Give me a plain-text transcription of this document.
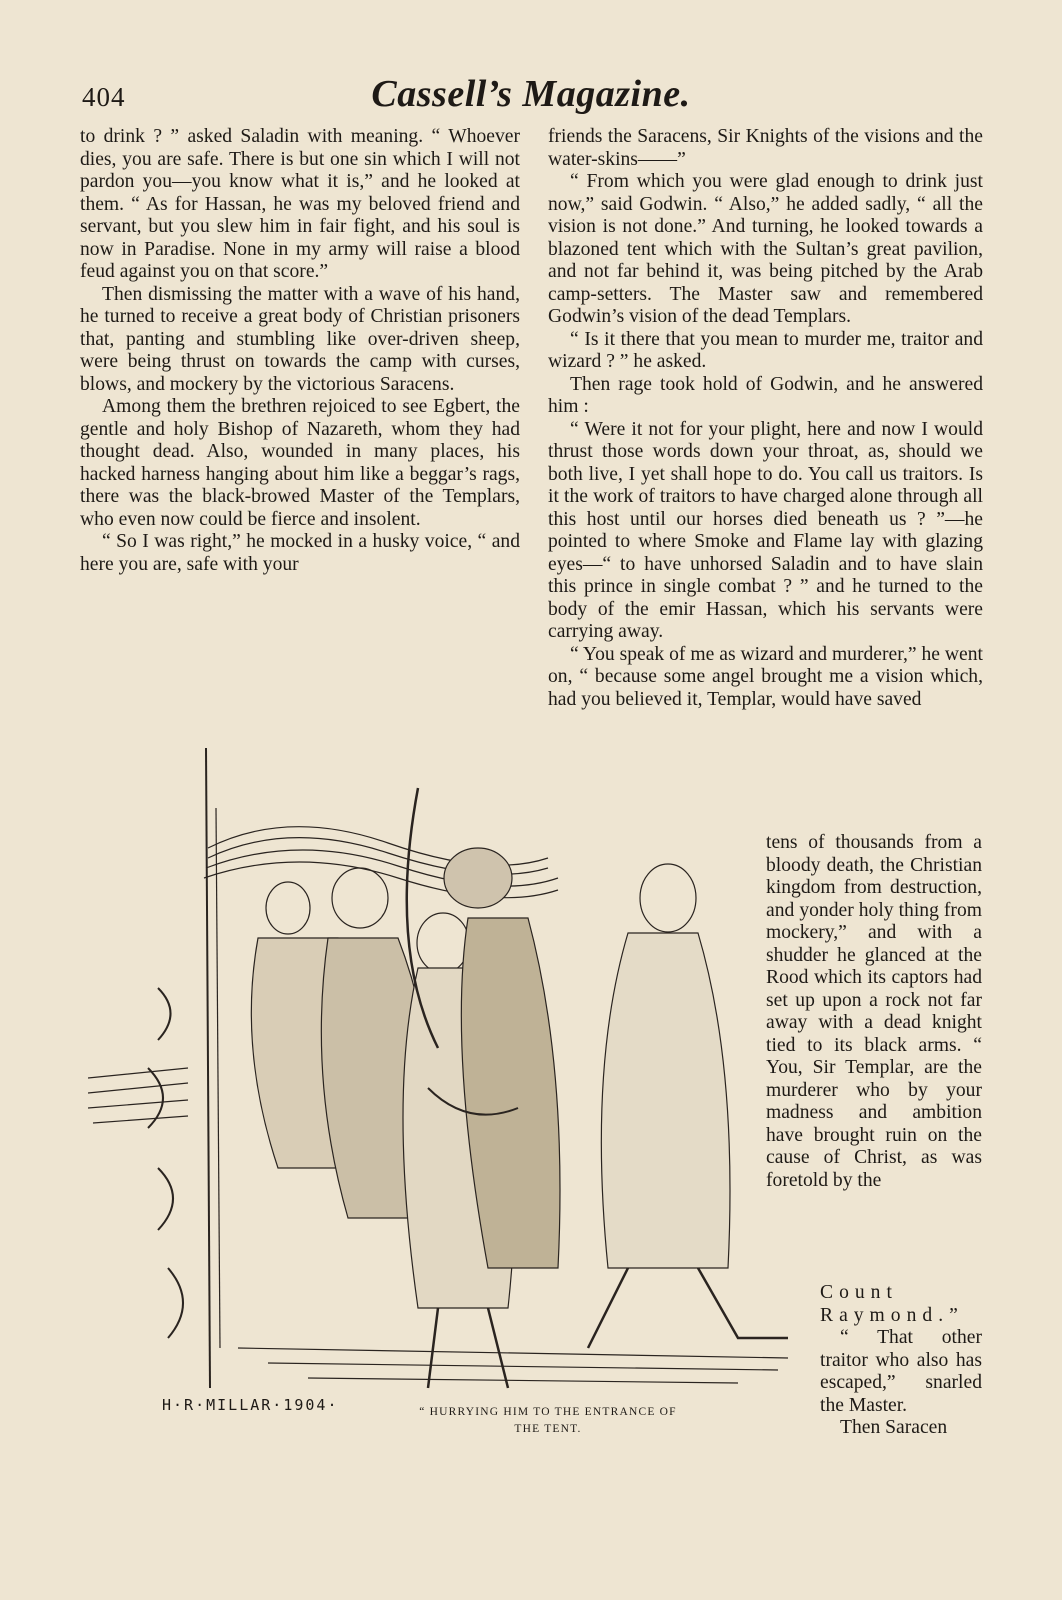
404	Cassell’s Magazine.

to drink ? ” asked Saladin with meaning. “ Whoever dies, you are safe. There is but one sin which I will not pardon you—you know what it is,” and he looked at them. “ As for Hassan, he was my beloved friend and servant, but you slew him in fair fight, and his soul is now in Paradise. None in my army will raise a blood feud against you on that score.”

Then dismissing the matter with a wave of his hand, he turned to receive a great body of Christian prisoners that, panting and stumbling like over-driven sheep, were being thrust on towards the camp with curses, blows, and mockery by the victorious Saracens.

Among them the brethren rejoiced to see Egbert, the gentle and holy Bishop of Nazareth, whom they had thought dead. Also, wounded in many places, his hacked harness hanging about him like a beggar’s rags, there was the black-browed Master of the Templars, who even now could be fierce and insolent.

“ So I was right,” he mocked in a husky voice, “ and here you are, safe with your

friends the Saracens, Sir Knights of the visions and the water-skins——”

“ From which you were glad enough to drink just now,” said Godwin. “ Also,” he added sadly, “ all the vision is not done.” And turning, he looked towards a blazoned tent which with the Sultan’s great pavilion, and not far behind it, was being pitched by the Arab camp-setters. The Master saw and remembered Godwin’s vision of the dead Templars.

“ Is it there that you mean to murder me, traitor and wizard ? ” he asked.

Then rage took hold of Godwin, and he answered him :

“ Were it not for your plight, here and now I would thrust those words down your throat, as, should we both live, I yet shall hope to do. You call us traitors. Is it the work of traitors to have charged alone through all this host until our horses died beneath us ? ”—he pointed to where Smoke and Flame lay with glazing eyes—“ to have unhorsed Saladin and to have slain this prince in single combat ? ” and he turned to the body of the emir Hassan, which his servants were carrying away.

“ You speak of me as wizard and murderer,” he went on, “ because some angel brought me a vision which, had you believed it, Templar, would have saved

tens of thousands from a bloody death, the Christian kingdom from destruction, and yonder holy thing from mockery,” and with a shudder he glanced at the Rood which its captors had set up upon a rock not far away with a dead knight tied to its black arms. “ You, Sir Templar, are the murderer who by your madness and ambition have brought ruin on the cause of Christ, as was foretold by the

Count Raymond.”

“ That other traitor who also has escaped,” snarled the Master.

Then Saracen

H·R·MILLAR·1904·	“ HURRYING HIM TO THE ENTRANCE OF
THE TENT.
